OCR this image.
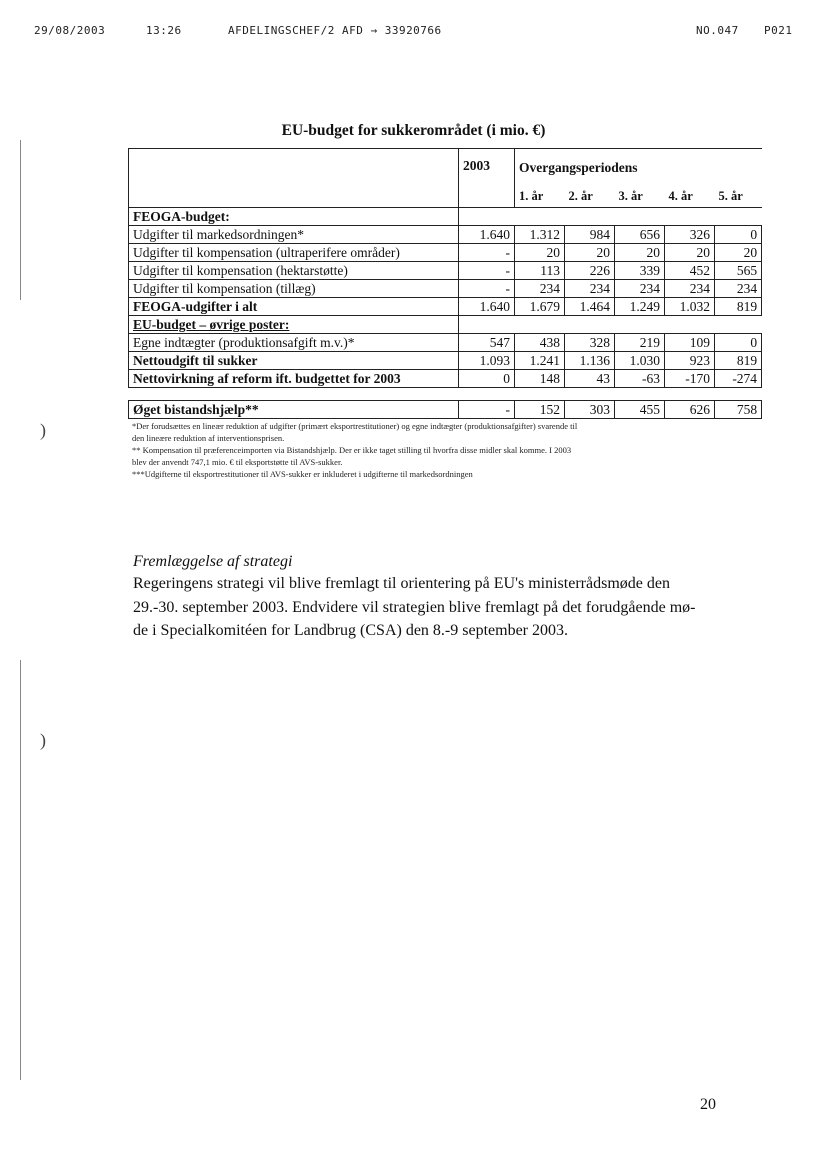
29/08/2003	13:26	AFDELINGSCHEF/2 AFD → 33920766	NO.047 P021
)
)
EU-budget for sukkerområdet (i mio. €)
	2003	Overgangsperiodens				
		1. år	2. år	3. år	4. år	5. år
FEOGA-budget:						
Udgifter til markedsordningen*	1.640	1.312	984	656	326	0
Udgifter til kompensation (ultraperifere områder)	-	20	20	20	20	20
Udgifter til kompensation (hektarstøtte)	-	113	226	339	452	565
Udgifter til kompensation (tillæg)	-	234	234	234	234	234
FEOGA-udgifter i alt	1.640	1.679	1.464	1.249	1.032	819
EU-budget – øvrige poster:						
Egne indtægter (produktionsafgift m.v.)*	547	438	328	219	109	0
Nettoudgift til sukker	1.093	1.241	1.136	1.030	923	819
Nettovirkning af reform ift. budgettet for 2003	0	148	43	-63	-170	-274

Øget bistandshjælp**	-	152	303	455	626	758
*Der forudsættes en lineær reduktion af udgifter (primært eksportrestitutioner) og egne indtægter (produktionsafgifter) svarende til
den lineære reduktion af interventionsprisen.
** Kompensation til præferenceimporten via Bistandshjælp. Der er ikke taget stilling til hvorfra disse midler skal komme. I 2003
blev der anvendt 747,1 mio. € til eksportstøtte til AVS-sukker.
***Udgifterne til eksportrestitutioner til AVS-sukker er inkluderet i udgifterne til markedsordningen
Fremlæggelse af strategi
Regeringens strategi vil blive fremlagt til orientering på EU's ministerrådsmøde den
29.-30. september 2003. Endvidere vil strategien blive fremlagt på det forudgående mø-
de i Specialkomitéen for Landbrug (CSA) den 8.-9 september 2003.
20
